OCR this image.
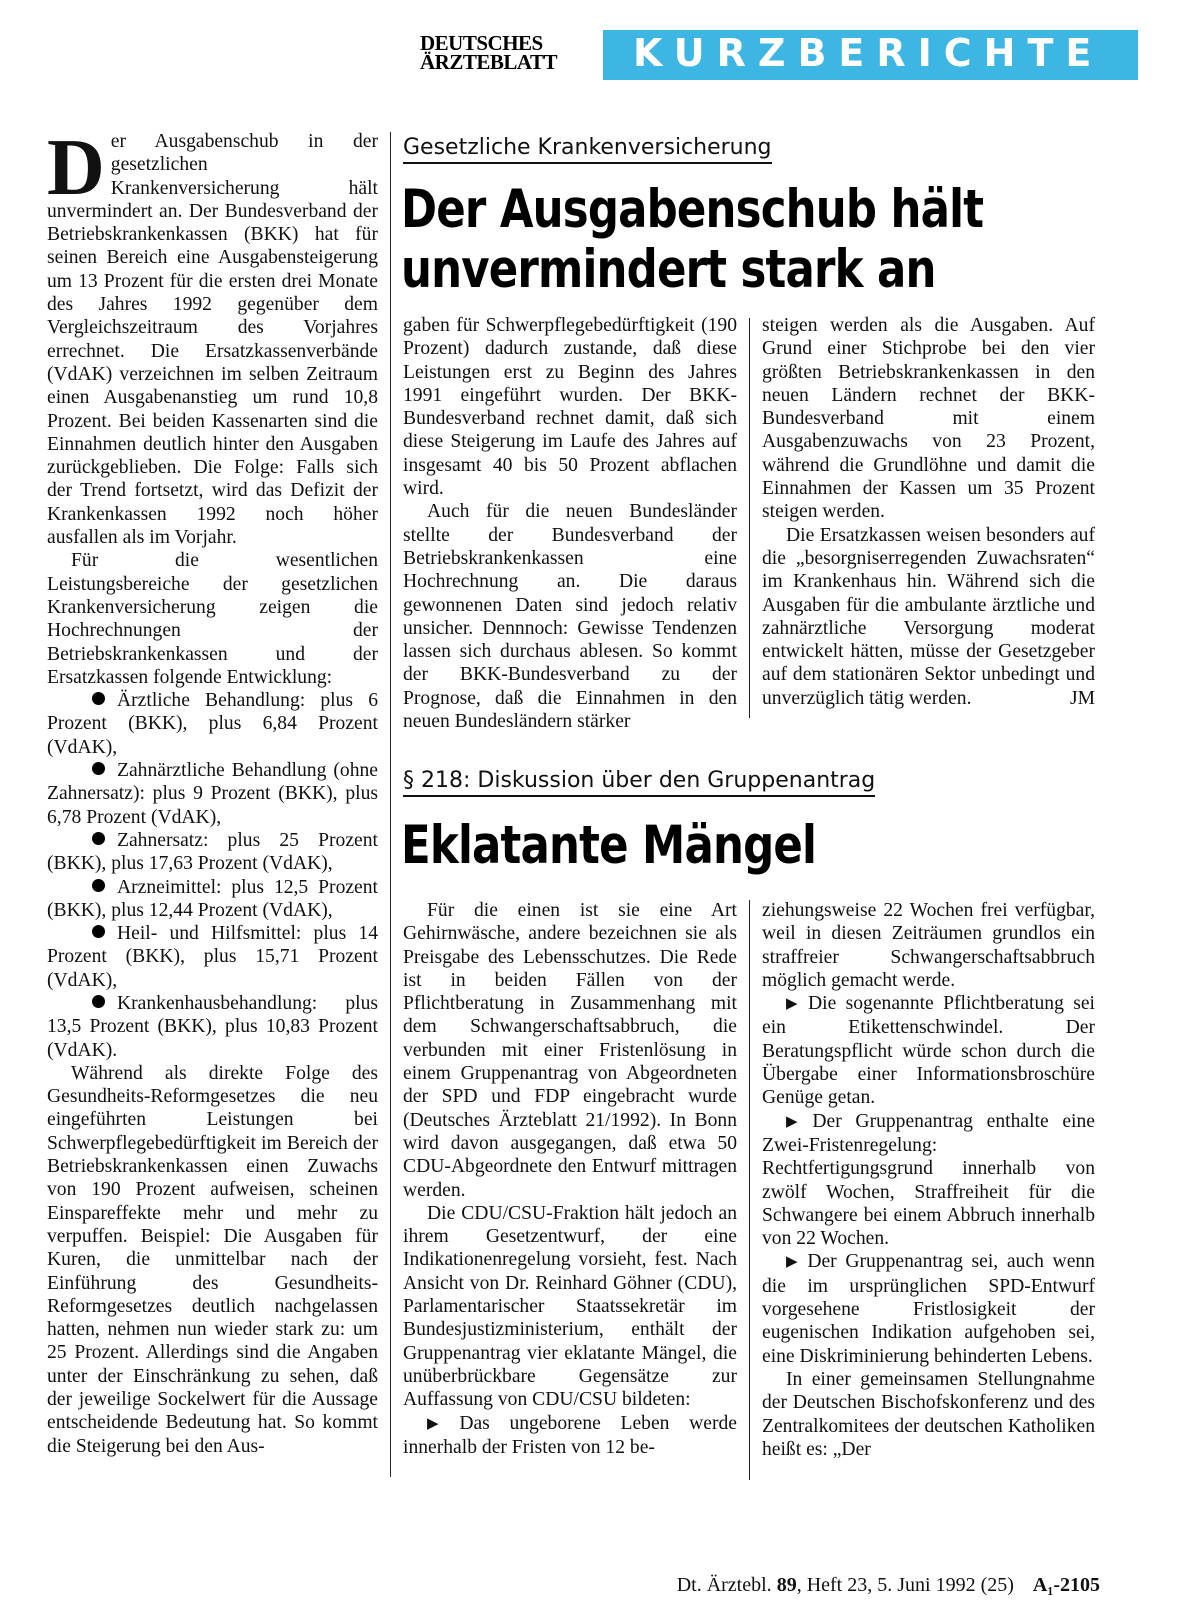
DEUTSCHES
ÄRZTEBLATT	KURZBERICHTE

Der Ausgabenschub in der gesetzlichen Krankenversicherung hält unvermindert an. Der Bundesverband der Betriebskrankenkassen (BKK) hat für seinen Bereich eine Ausgabensteigerung um 13 Prozent für die ersten drei Monate des Jahres 1992 gegenüber dem Vergleichszeitraum des Vorjahres errechnet. Die Ersatzkassenverbände (VdAK) verzeichnen im selben Zeitraum einen Ausgabenanstieg um rund 10,8 Prozent. Bei beiden Kassenarten sind die Einnahmen deutlich hinter den Ausgaben zurückgeblieben. Die Folge: Falls sich der Trend fortsetzt, wird das Defizit der Krankenkassen 1992 noch höher ausfallen als im Vorjahr.

Für die wesentlichen Leistungsbereiche der gesetzlichen Krankenversicherung zeigen die Hochrechnungen der Betriebskrankenkassen und der Ersatzkassen folgende Entwicklung:

Ärztliche Behandlung: plus 6 Prozent (BKK), plus 6,84 Prozent (VdAK),

Zahnärztliche Behandlung (ohne Zahnersatz): plus 9 Prozent (BKK), plus 6,78 Prozent (VdAK),

Zahnersatz: plus 25 Prozent (BKK), plus 17,63 Prozent (VdAK),

Arzneimittel: plus 12,5 Prozent (BKK), plus 12,44 Prozent (VdAK),

Heil- und Hilfsmittel: plus 14 Prozent (BKK), plus 15,71 Prozent (VdAK),

Krankenhausbehandlung: plus 13,5 Prozent (BKK), plus 10,83 Prozent (VdAK).

Während als direkte Folge des Gesundheits-Reformgesetzes die neu eingeführten Leistungen bei Schwerpflegebedürftigkeit im Bereich der Betriebskrankenkassen einen Zuwachs von 190 Prozent aufweisen, scheinen Einspareffekte mehr und mehr zu verpuffen. Beispiel: Die Ausgaben für Kuren, die unmittelbar nach der Einführung des Gesundheits-Reformgesetzes deutlich nachgelassen hatten, nehmen nun wieder stark zu: um 25 Prozent. Allerdings sind die Angaben unter der Einschränkung zu sehen, daß der jeweilige Sockelwert für die Aussage entscheidende Bedeutung hat. So kommt die Steigerung bei den Aus-

Gesetzliche Krankenversicherung
Der Ausgabenschub hält
unvermindert stark an

gaben für Schwerpflegebedürftigkeit (190 Prozent) dadurch zustande, daß diese Leistungen erst zu Beginn des Jahres 1991 eingeführt wurden. Der BKK-Bundesverband rechnet damit, daß sich diese Steigerung im Laufe des Jahres auf insgesamt 40 bis 50 Prozent abflachen wird.

Auch für die neuen Bundesländer stellte der Bundesverband der Betriebskrankenkassen eine Hochrechnung an. Die daraus gewonnenen Daten sind jedoch relativ unsicher. Dennnoch: Gewisse Tendenzen lassen sich durchaus ablesen. So kommt der BKK-Bundesverband zu der Prognose, daß die Einnahmen in den neuen Bundesländern stärker

steigen werden als die Ausgaben. Auf Grund einer Stichprobe bei den vier größten Betriebskrankenkassen in den neuen Ländern rechnet der BKK-Bundesverband mit einem Ausgabenzuwachs von 23 Prozent, während die Grundlöhne und damit die Einnahmen der Kassen um 35 Prozent steigen werden.

Die Ersatzkassen weisen besonders auf die „besorgniserregenden Zuwachsraten“ im Krankenhaus hin. Während sich die Ausgaben für die ambulante ärztliche und zahnärztliche Versorgung moderat entwickelt hätten, müsse der Gesetzgeber auf dem stationären Sektor unbedingt und unverzüglich tätig werden.	JM

§ 218: Diskussion über den Gruppenantrag
Eklatante Mängel

Für die einen ist sie eine Art Gehirnwäsche, andere bezeichnen sie als Preisgabe des Lebensschutzes. Die Rede ist in beiden Fällen von der Pflichtberatung in Zusammenhang mit dem Schwangerschaftsabbruch, die verbunden mit einer Fristenlösung in einem Gruppenantrag von Abgeordneten der SPD und FDP eingebracht wurde (Deutsches Ärzteblatt 21/1992). In Bonn wird davon ausgegangen, daß etwa 50 CDU-Abgeordnete den Entwurf mittragen werden.

Die CDU/CSU-Fraktion hält jedoch an ihrem Gesetzentwurf, der eine Indikationenregelung vorsieht, fest. Nach Ansicht von Dr. Reinhard Göhner (CDU), Parlamentarischer Staatssekretär im Bundesjustizministerium, enthält der Gruppenantrag vier eklatante Mängel, die unüberbrückbare Gegensätze zur Auffassung von CDU/CSU bildeten:

▶ Das ungeborene Leben werde innerhalb der Fristen von 12 be-

ziehungsweise 22 Wochen frei verfügbar, weil in diesen Zeiträumen grundlos ein straffreier Schwangerschaftsabbruch möglich gemacht werde.

▶ Die sogenannte Pflichtberatung sei ein Etikettenschwindel. Der Beratungspflicht würde schon durch die Übergabe einer Informationsbroschüre Genüge getan.

▶ Der Gruppenantrag enthalte eine Zwei-Fristenregelung: Rechtfertigungsgrund innerhalb von zwölf Wochen, Straffreiheit für die Schwangere bei einem Abbruch innerhalb von 22 Wochen.

▶ Der Gruppenantrag sei, auch wenn die im ursprünglichen SPD-Entwurf vorgesehene Fristlosigkeit der eugenischen Indikation aufgehoben sei, eine Diskriminierung behinderten Lebens.

In einer gemeinsamen Stellungnahme der Deutschen Bischofskonferenz und des Zentralkomitees der deutschen Katholiken heißt es: „Der

Dt. Ärztebl. 89, Heft 23, 5. Juni 1992 (25) A₁-2105
